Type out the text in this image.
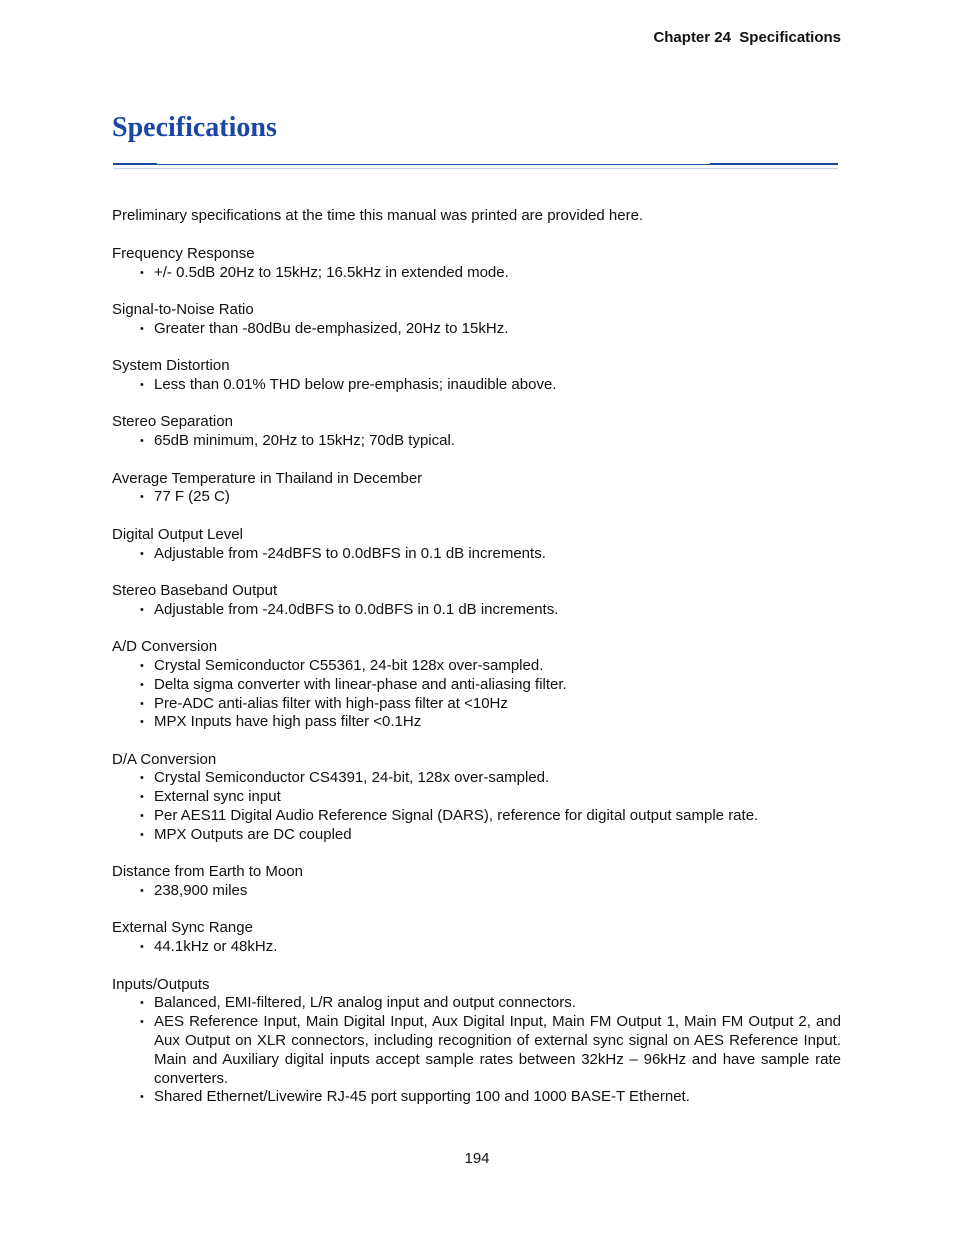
Chapter 24  Specifications
Specifications

Preliminary specifications at the time this manual was printed are provided here.

Frequency Response

• +/- 0.5dB 20Hz to 15kHz; 16.5kHz in extended mode.

Signal-to-Noise Ratio

• Greater than -80dBu de-emphasized, 20Hz to 15kHz.

System Distortion

• Less than 0.01% THD below pre-emphasis; inaudible above.

Stereo Separation

• 65dB minimum, 20Hz to 15kHz; 70dB typical.

Average Temperature in Thailand in December

• 77 F (25 C)

Digital Output Level

• Adjustable from -24dBFS to 0.0dBFS in 0.1 dB increments.

Stereo Baseband Output

• Adjustable from -24.0dBFS to 0.0dBFS in 0.1 dB increments.

A/D Conversion

• Crystal Semiconductor C55361, 24-bit 128x over-sampled.
• Delta sigma converter with linear-phase and anti-aliasing filter.
• Pre-ADC anti-alias filter with high-pass filter at <10Hz
• MPX Inputs have high pass filter <0.1Hz

D/A Conversion

• Crystal Semiconductor CS4391, 24-bit, 128x over-sampled.
• External sync input
• Per AES11 Digital Audio Reference Signal (DARS), reference for digital output sample rate.
• MPX Outputs are DC coupled

Distance from Earth to Moon

• 238,900 miles

External Sync Range

• 44.1kHz or 48kHz.

Inputs/Outputs

• Balanced, EMI-filtered, L/R analog input and output connectors.
• AES Reference Input, Main Digital Input, Aux Digital Input, Main FM Output 1, Main FM Output 2, and Aux Output on XLR connectors, including recognition of external sync signal on AES Reference Input. Main and Auxiliary digital inputs accept sample rates between 32kHz – 96kHz and have sample rate converters.
• Shared Ethernet/Livewire RJ-45 port supporting 100 and 1000 BASE-T Ethernet.
194
